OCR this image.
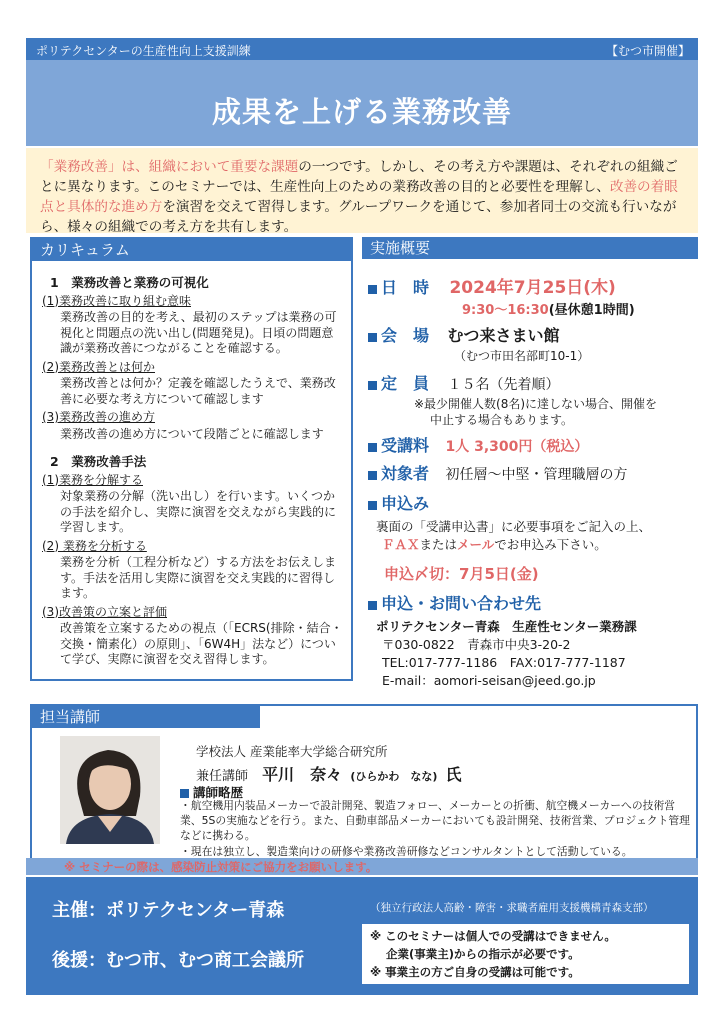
ポリテクセンターの生産性向上支援訓練	【むつ市開催】
成果を上げる業務改善

「業務改善」は、組織において重要な課題の一つです。しかし、その考え方や課題は、それぞれの組織ごとに異なります。このセミナーでは、生産性向上のための業務改善の目的と必要性を理解し、改善の着眼点と具体的な進め方を演習を交えて習得します。グループワークを通じて、参加者同士の交流も行いながら、様々の組織での考え方を共有します。

カリキュラム
1　業務改善と業務の可視化
(1)業務改善に取り組む意味
業務改善の目的を考え、最初のステップは業務の可視化と問題点の洗い出し(問題発見)。日頃の問題意識が業務改善につながることを確認する。
(2)業務改善とは何か
業務改善とは何か？定義を確認したうえで、業務改善に必要な考え方について確認します
(3)業務改善の進め方
業務改善の進め方について段階ごとに確認します
2　業務改善手法
(1)業務を分解する
対象業務の分解（洗い出し）を行います。いくつかの手法を紹介し、実際に演習を交えながら実践的に学習します。
(2) 業務を分析する
業務を分析（工程分析など）する方法をお伝えします。手法を活用し実際に演習を交え実践的に習得します。
(3)改善策の立案と評価
改善策を立案するための視点（「ECRS(排除・結合・交換・簡素化）の原則」、「6W4H」法など）について学び、実際に演習を交え習得します。
実施概要
日　時 2024年7月25日(木)
9:30〜16:30(昼休憩1時間)
会　場 むつ来さまい館
（むつ市田名部町10-1）
定　員 １５名（先着順）
※最少開催人数(8名)に達しない場合、開催を
中止する場合もあります。
受講料 1人 3,300円（税込）
対象者 初任層〜中堅・管理職層の方
申込み
裏面の「受講申込書」に必要事項をご記入の上、
ＦＡＸまたはメールでお申込み下さい。
申込〆切：7月5日(金)
申込・お問い合わせ先
ポリテクセンター青森　生産性センター業務課
〒030-0822　青森市中央3-20-2
TEL:017-777-1186　FAX:017-777-1187
E-mail：aomori-seisan@jeed.go.jp
担当講師
学校法人 産業能率大学総合研究所
兼任講師 平川　奈々 (ひらかわ　なな) 氏
講師略歴
・航空機用内装品メーカーで設計開発、製造フォロー、メーカーとの折衝、航空機メーカーへの技術営業、5Sの実施などを行う。また、自動車部品メーカーにおいても設計開発、技術営業、プロジェクト管理などに携わる。
・現在は独立し、製造業向けの研修や業務改善研修などコンサルタントとして活動している。
※ セミナーの際は、感染防止対策にご協力をお願いします。
主催：ポリテクセンター青森	（独立行政法人高齢・障害・求職者雇用支援機構青森支部）
後援：むつ市、むつ商工会議所
※ このセミナーは個人での受講はできません。
企業(事業主)からの指示が必要です。
※ 事業主の方ご自身の受講は可能です。
